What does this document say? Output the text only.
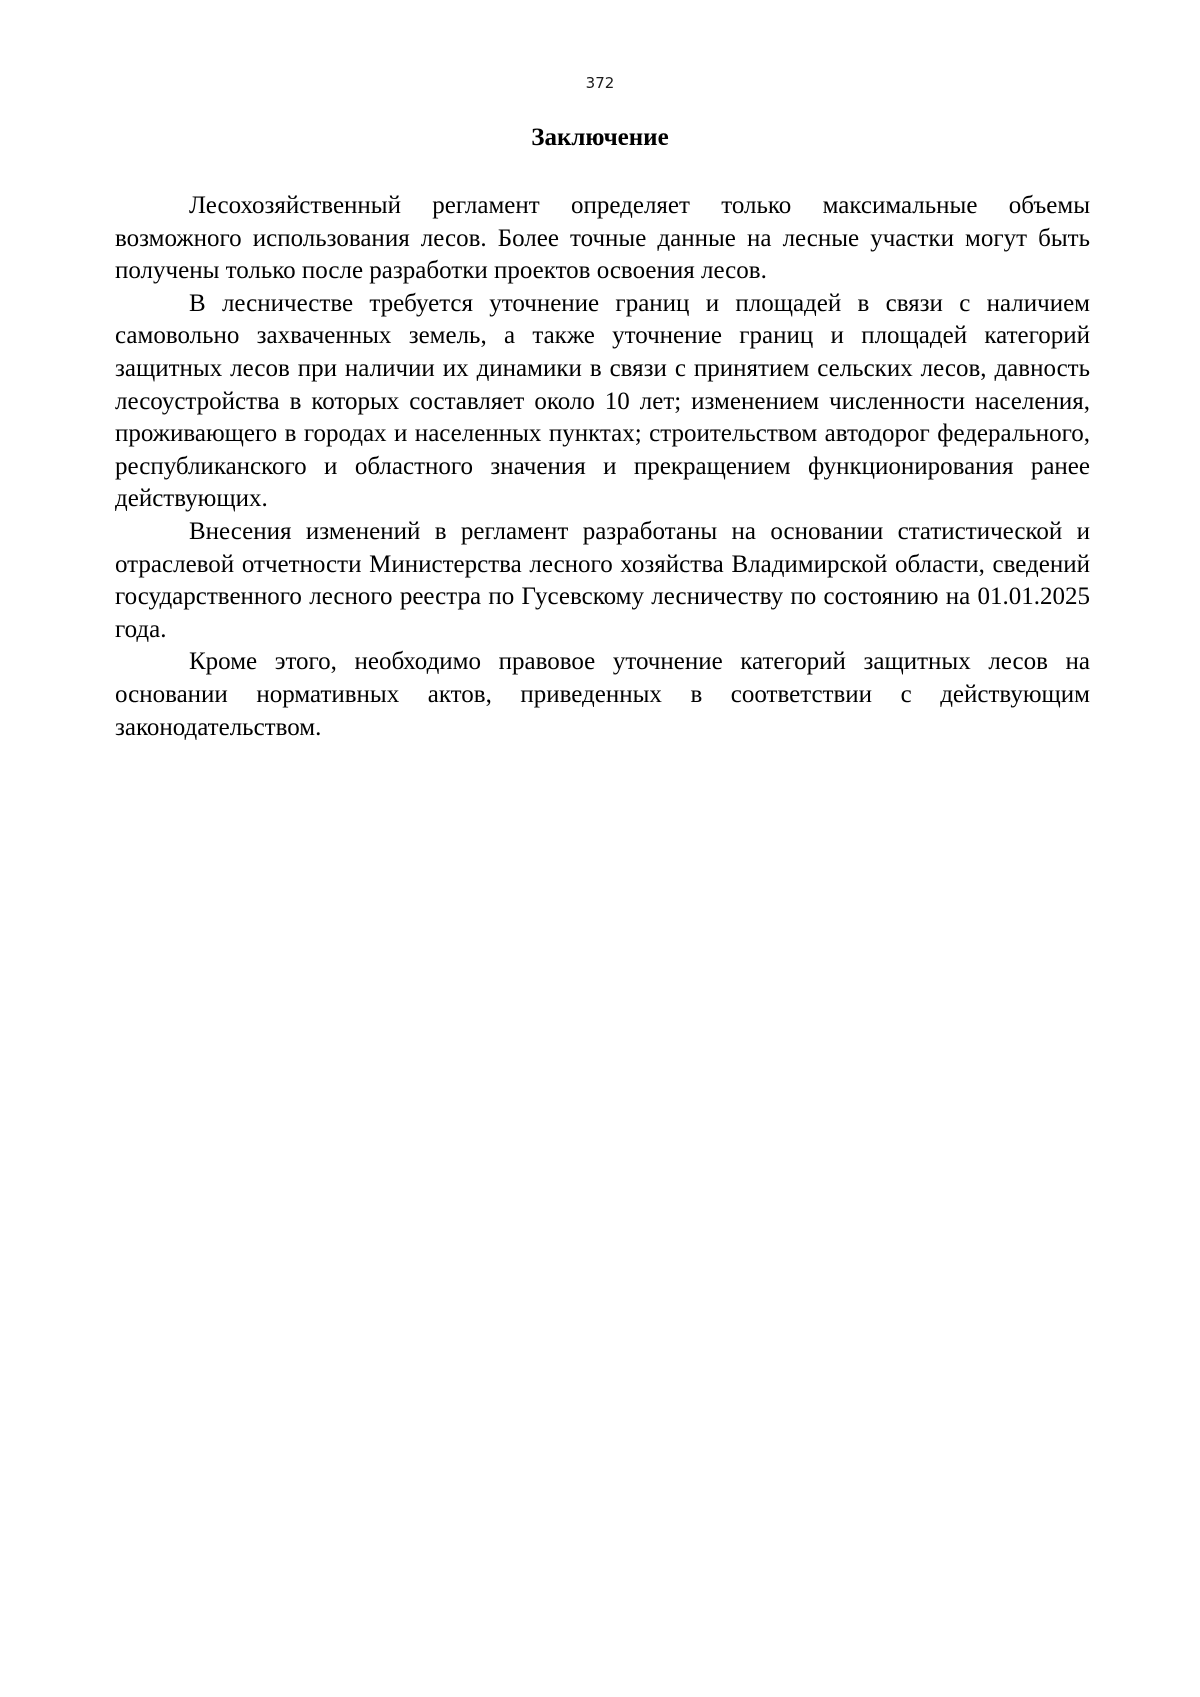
372
Заключение

Лесохозяйственный регламент определяет только максимальные объемы возможного использования лесов. Более точные данные на лесные участки могут быть получены только после разработки проектов освоения лесов.

В лесничестве требуется уточнение границ и площадей в связи с наличием самовольно захваченных земель, а также уточнение границ и площадей категорий защитных лесов при наличии их динамики в связи с принятием сельских лесов, давность лесоустройства в которых составляет около 10 лет; изменением численности населения, проживающего в городах и населенных пунктах; строительством автодорог федерального, республиканского и областного значения и прекращением функционирования ранее действующих.

Внесения изменений в регламент разработаны на основании статистической и отраслевой отчетности Министерства лесного хозяйства Владимирской области, сведений государственного лесного реестра по Гусевскому лесничеству по состоянию на 01.01.2025 года.

Кроме этого, необходимо правовое уточнение категорий защитных лесов на основании нормативных актов, приведенных в соответствии с действующим законодательством.
